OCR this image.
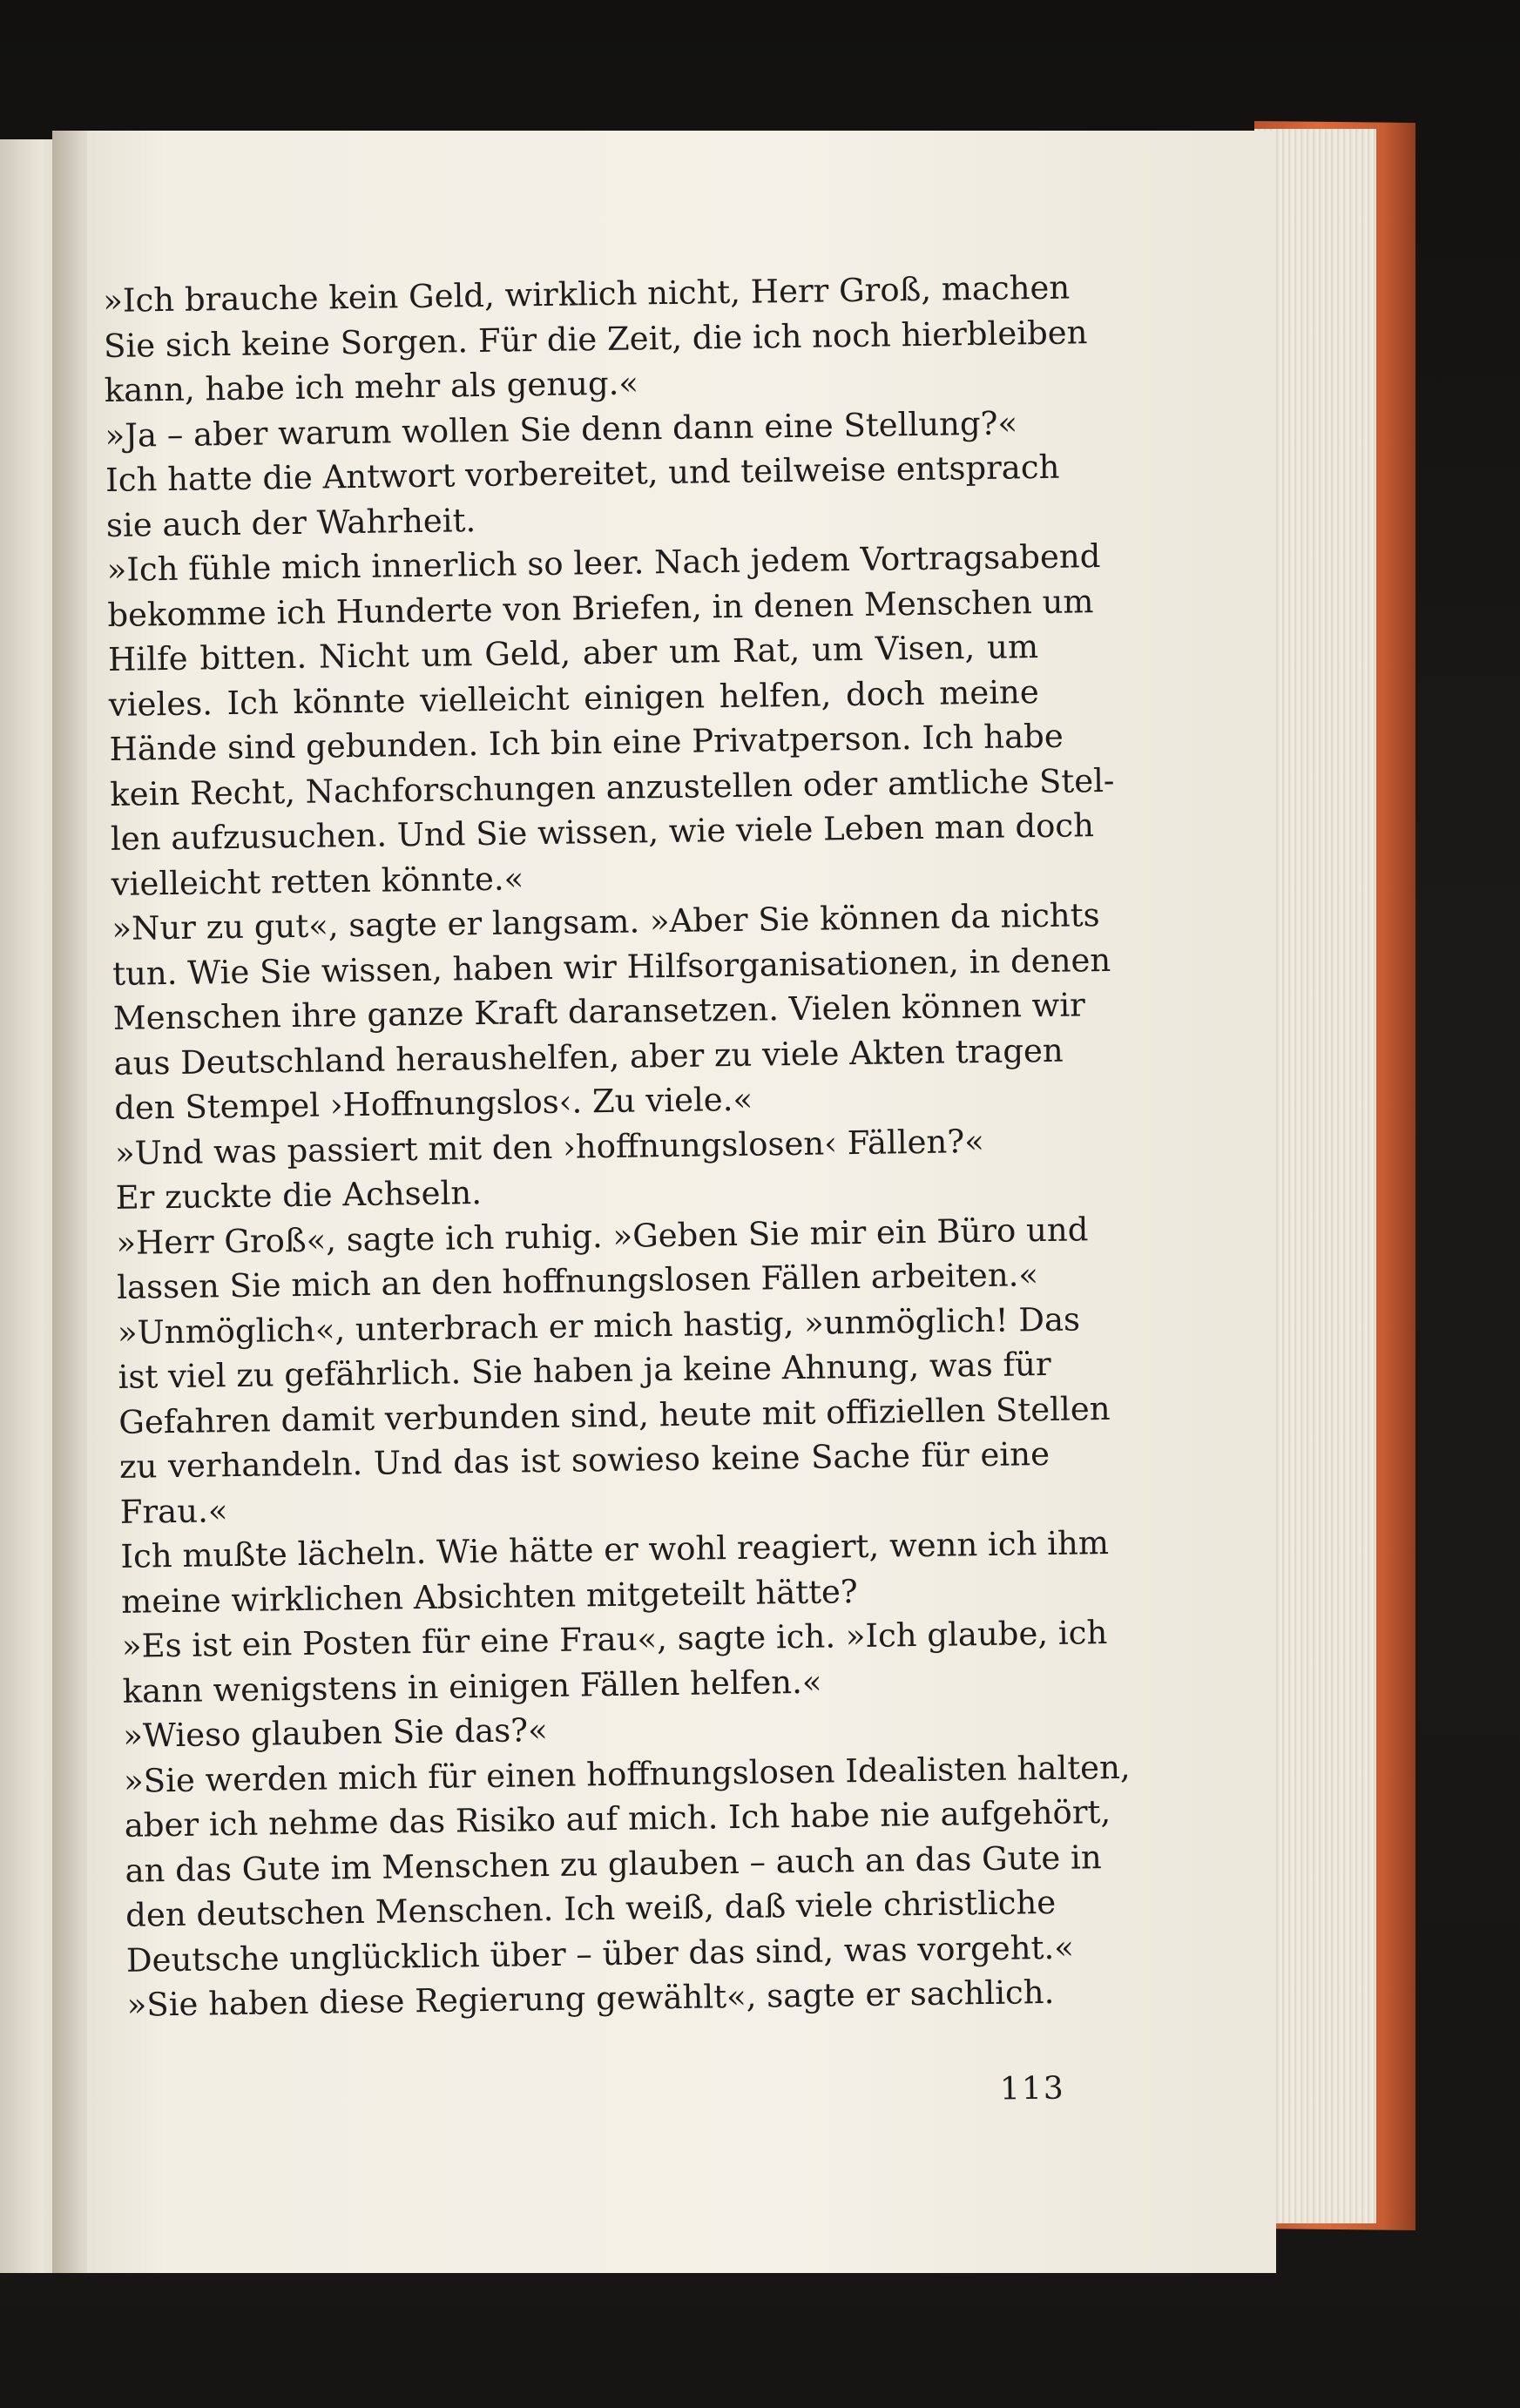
»Ich brauche kein Geld, wirklich nicht, Herr Groß, machen
Sie sich keine Sorgen. Für die Zeit, die ich noch hierbleiben
kann, habe ich mehr als genug.«
»Ja – aber warum wollen Sie denn dann eine Stellung?«
Ich hatte die Antwort vorbereitet, und teilweise entsprach
sie auch der Wahrheit.
»Ich fühle mich innerlich so leer. Nach jedem Vortragsabend
bekomme ich Hunderte von Briefen, in denen Menschen um
Hilfe bitten. Nicht um Geld, aber um Rat, um Visen, um
vieles. Ich könnte vielleicht einigen helfen, doch meine
Hände sind gebunden. Ich bin eine Privatperson. Ich habe
kein Recht, Nachforschungen anzustellen oder amtliche Stel-
len aufzusuchen. Und Sie wissen, wie viele Leben man doch
vielleicht retten könnte.«
»Nur zu gut«, sagte er langsam. »Aber Sie können da nichts
tun. Wie Sie wissen, haben wir Hilfsorganisationen, in denen
Menschen ihre ganze Kraft daransetzen. Vielen können wir
aus Deutschland heraushelfen, aber zu viele Akten tragen
den Stempel ›Hoffnungslos‹. Zu viele.«
»Und was passiert mit den ›hoffnungslosen‹ Fällen?«
Er zuckte die Achseln.
»Herr Groß«, sagte ich ruhig. »Geben Sie mir ein Büro und
lassen Sie mich an den hoffnungslosen Fällen arbeiten.«
»Unmöglich«, unterbrach er mich hastig, »unmöglich! Das
ist viel zu gefährlich. Sie haben ja keine Ahnung, was für
Gefahren damit verbunden sind, heute mit offiziellen Stellen
zu verhandeln. Und das ist sowieso keine Sache für eine
Frau.«
Ich mußte lächeln. Wie hätte er wohl reagiert, wenn ich ihm
meine wirklichen Absichten mitgeteilt hätte?
»Es ist ein Posten für eine Frau«, sagte ich. »Ich glaube, ich
kann wenigstens in einigen Fällen helfen.«
»Wieso glauben Sie das?«
»Sie werden mich für einen hoffnungslosen Idealisten halten,
aber ich nehme das Risiko auf mich. Ich habe nie aufgehört,
an das Gute im Menschen zu glauben – auch an das Gute in
den deutschen Menschen. Ich weiß, daß viele christliche
Deutsche unglücklich über – über das sind, was vorgeht.«
»Sie haben diese Regierung gewählt«, sagte er sachlich.
113
